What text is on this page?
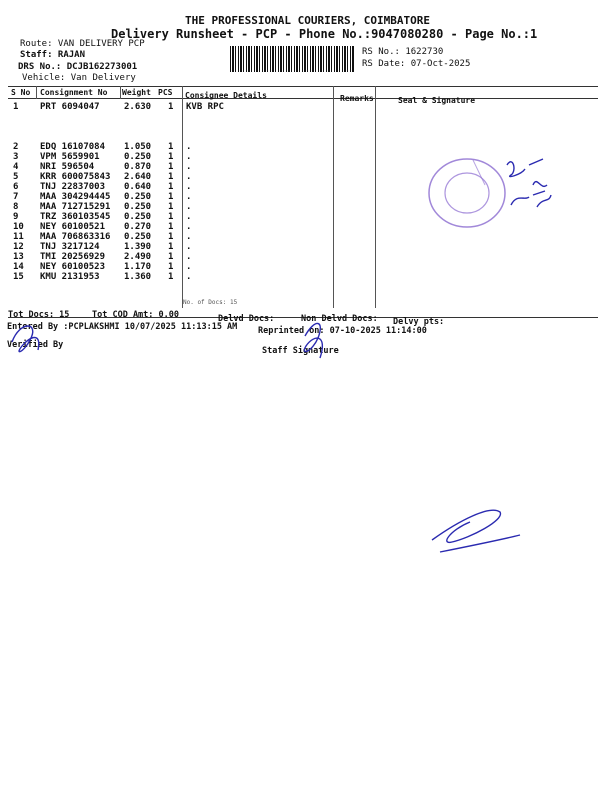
THE PROFESSIONAL COURIERS, COIMBATORE
Delivery Runsheet - PCP - Phone No.:9047080280 - Page No.:1
Route: VAN DELIVERY PCP
Staff: RAJAN
DRS No.: DCJB162273001
Vehicle: Van Delivery
RS No.: 1622730
RS Date: 07-Oct-2025
S No Consignment No Weight PCS Consignee Details	Remarks	Seal & Signature
1 PRT 6094047	2.630 1 KVB RPC
2 EDQ 16107084 1.050 1 .
3 VPM 5659901	0.250 1 .
4 NRI 596504	0.870 1 .
5 KRR 600075843 2.640 1 .
6 TNJ 22837003 0.640 1 .
7 MAA 304294445 0.250 1 .
8 MAA 712715291 0.250 1 .
9 TRZ 360103545 0.250 1 .
10 NEY 60100521 0.270 1 .
11 MAA 706863316 0.250 1 .
12 TNJ 3217124	1.390 1 .
13 TMI 20256929 2.490 1 .
14 NEY 60100523 1.170 1 .
15 KMU 2131953	1.360 1 .
No. of Docs: 15
Tot Docs: 15	Tot COD Amt: 0.00	Delvd Docs:	Non Delvd Docs: Delvy pts:
Entered By :PCPLAKSHMI 10/07/2025 11:13:15 AM Reprinted on: 07-10-2025 11:14:00
Verified By
Staff Signature
